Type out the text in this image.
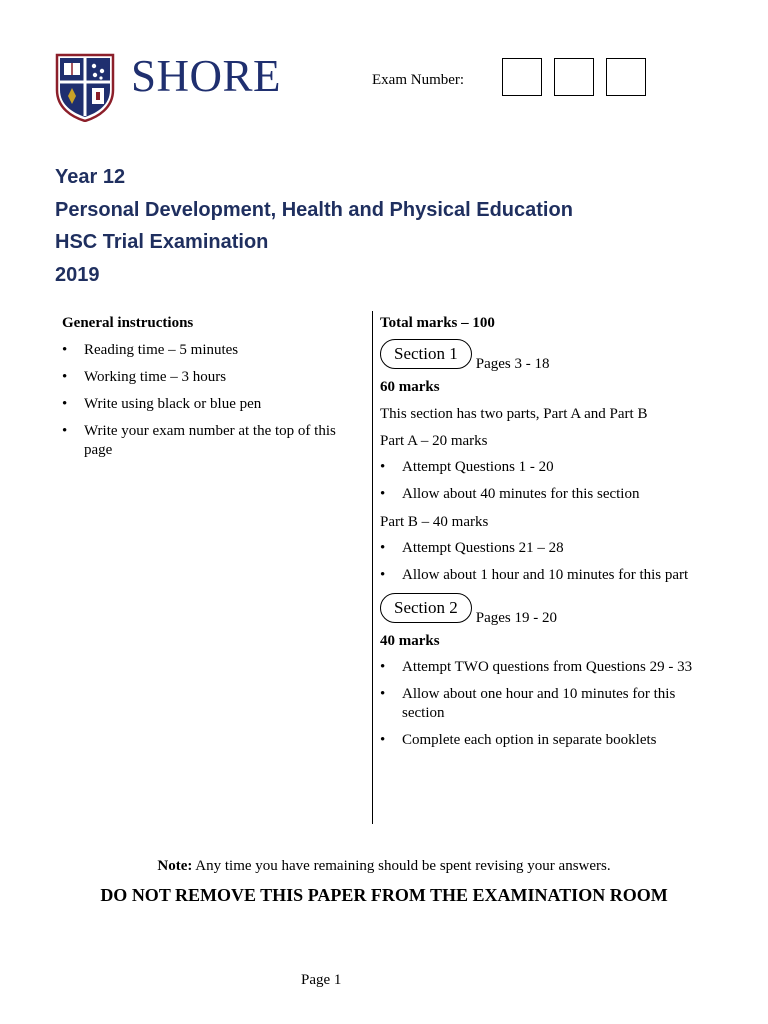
SHORE	Exam Number:
Year 12
Personal Development, Health and Physical Education
HSC Trial Examination
2019
General instructions
• Reading time – 5 minutes
• Working time – 3 hours
• Write using black or blue pen
• Write your exam number at the top of this page
Total marks – 100
Section 1
Pages 3 - 18
60 marks
This section has two parts, Part A and Part B
Part A – 20 marks
• Attempt Questions 1 - 20
• Allow about 40 minutes for this section
Part B – 40 marks
• Attempt Questions 21 – 28
• Allow about 1 hour and 10 minutes for this part
Section 2
Pages 19 - 20
40 marks
• Attempt TWO questions from Questions 29 - 33
• Allow about one hour and 10 minutes for this section
• Complete each option in separate booklets
Note: Any time you have remaining should be spent revising your answers.
DO NOT REMOVE THIS PAPER FROM THE EXAMINATION ROOM
Page 1
